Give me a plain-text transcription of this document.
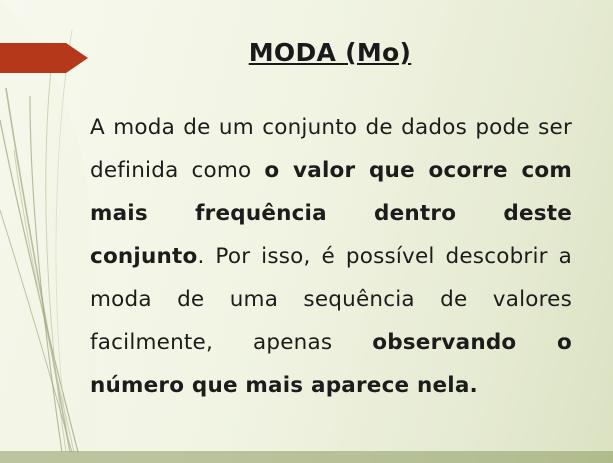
MODA (Mo)
A moda de um conjunto de dados pode ser definida como o valor que ocorre com mais frequência dentro deste conjunto. Por isso, é possível descobrir a moda de uma sequência de valores facilmente, apenas observando o número que mais aparece nela.
